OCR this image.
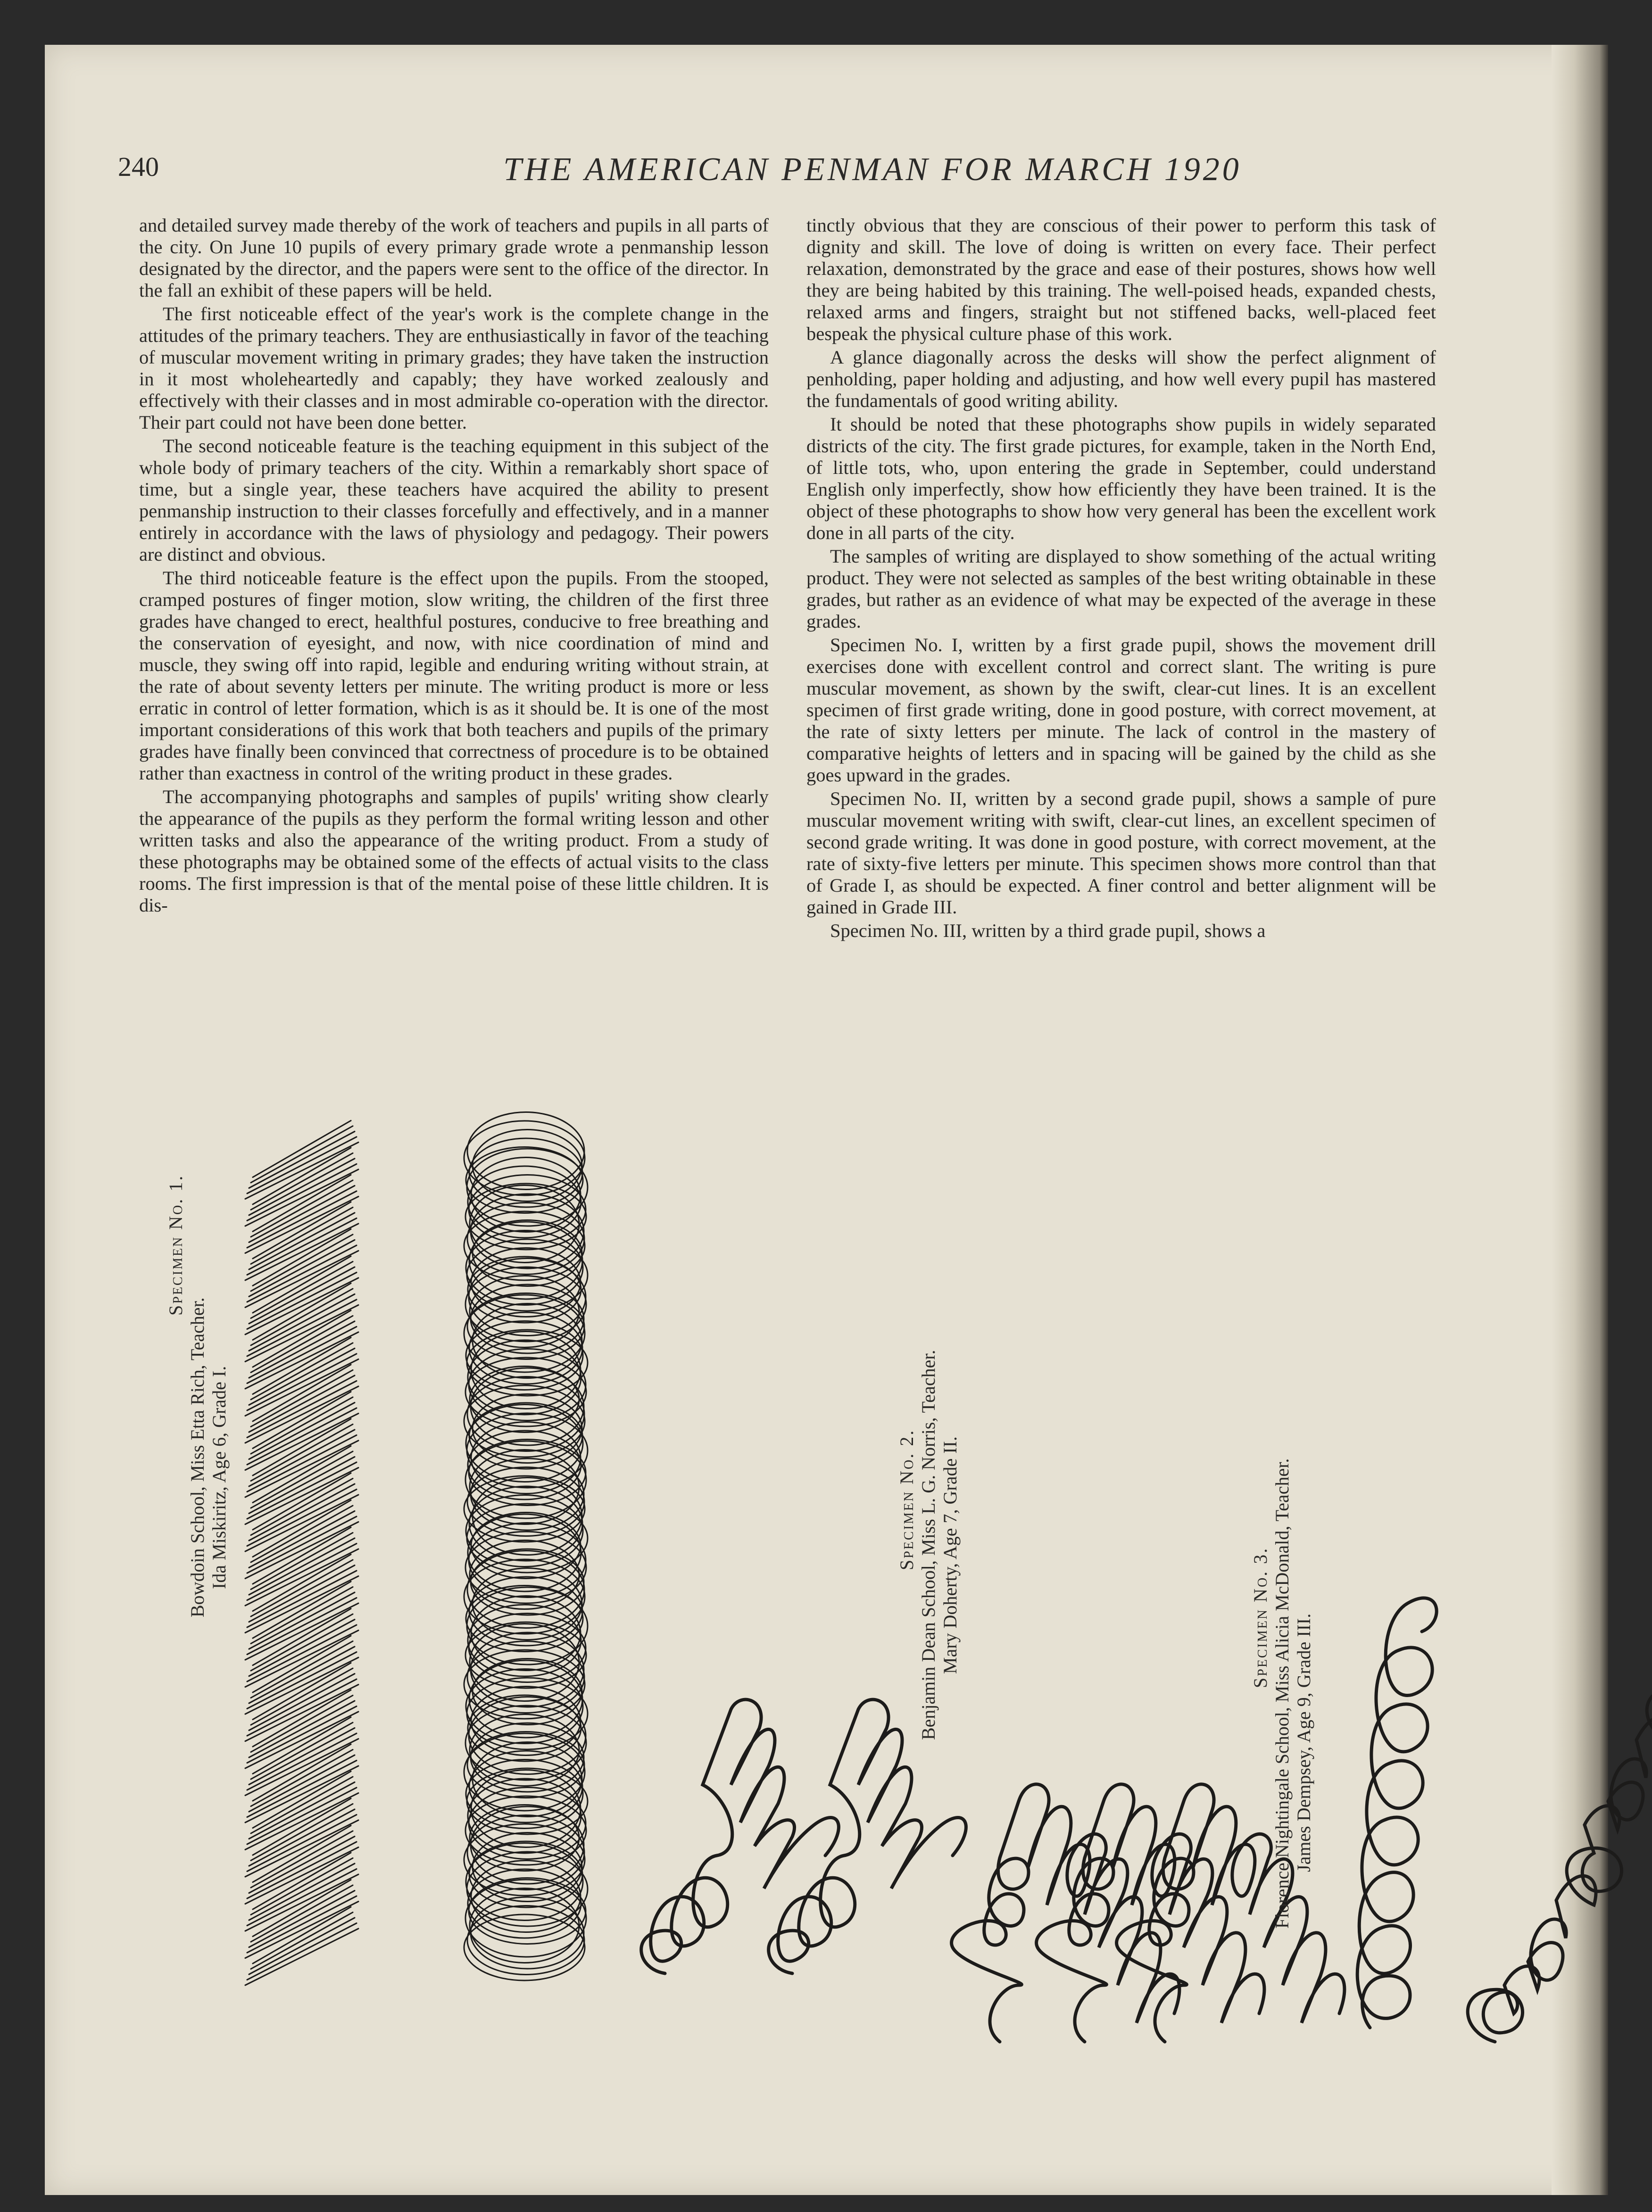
240	THE AMERICAN PENMAN FOR MARCH 1920

and detailed survey made thereby of the work of teachers and pupils in all parts of the city. On June 10 pupils of every primary grade wrote a penmanship lesson designated by the director, and the papers were sent to the office of the director. In the fall an exhibit of these papers will be held.

The first noticeable effect of the year's work is the complete change in the attitudes of the primary teachers. They are enthusiastically in favor of the teaching of muscular movement writing in primary grades; they have taken the instruction in it most wholeheartedly and capably; they have worked zealously and effectively with their classes and in most admirable co-operation with the director. Their part could not have been done better.

The second noticeable feature is the teaching equipment in this subject of the whole body of primary teachers of the city. Within a remarkably short space of time, but a single year, these teachers have acquired the ability to present penmanship instruction to their classes forcefully and effectively, and in a manner entirely in accordance with the laws of physiology and pedagogy. Their powers are distinct and obvious.

The third noticeable feature is the effect upon the pupils. From the stooped, cramped postures of finger motion, slow writing, the children of the first three grades have changed to erect, healthful postures, conducive to free breathing and the conservation of eyesight, and now, with nice coordination of mind and muscle, they swing off into rapid, legible and enduring writing without strain, at the rate of about seventy letters per minute. The writing product is more or less erratic in control of letter formation, which is as it should be. It is one of the most important considerations of this work that both teachers and pupils of the primary grades have finally been convinced that correctness of procedure is to be obtained rather than exactness in control of the writing product in these grades.

The accompanying photographs and samples of pupils' writing show clearly the appearance of the pupils as they perform the formal writing lesson and other written tasks and also the appearance of the writing product. From a study of these photographs may be obtained some of the effects of actual visits to the class rooms. The first impression is that of the mental poise of these little children. It is dis-

tinctly obvious that they are conscious of their power to perform this task of dignity and skill. The love of doing is written on every face. Their perfect relaxation, demonstrated by the grace and ease of their postures, shows how well they are being habited by this training. The well-poised heads, expanded chests, relaxed arms and fingers, straight but not stiffened backs, well-placed feet bespeak the physical culture phase of this work.

A glance diagonally across the desks will show the perfect alignment of penholding, paper holding and adjusting, and how well every pupil has mastered the fundamentals of good writing ability.

It should be noted that these photographs show pupils in widely separated districts of the city. The first grade pictures, for example, taken in the North End, of little tots, who, upon entering the grade in September, could understand English only imperfectly, show how efficiently they have been trained. It is the object of these photographs to show how very general has been the excellent work done in all parts of the city.

The samples of writing are displayed to show something of the actual writing product. They were not selected as samples of the best writing obtainable in these grades, but rather as an evidence of what may be expected of the average in these grades.

Specimen No. I, written by a first grade pupil, shows the movement drill exercises done with excellent control and correct slant. The writing is pure muscular movement, as shown by the swift, clear-cut lines. It is an excellent specimen of first grade writing, done in good posture, with correct movement, at the rate of sixty letters per minute. The lack of control in the mastery of comparative heights of letters and in spacing will be gained by the child as she goes upward in the grades.

Specimen No. II, written by a second grade pupil, shows a sample of pure muscular movement writing with swift, clear-cut lines, an excellent specimen of second grade writing. It was done in good posture, with correct movement, at the rate of sixty-five letters per minute. This specimen shows more control than that of Grade I, as should be expected. A finer control and better alignment will be gained in Grade III.

Specimen No. III, written by a third grade pupil, shows a

Specimen No. 1.
Bowdoin School, Miss Etta Rich, Teacher. Ida Miskiritz, Age 6, Grade I.	Specimen No. 2. Benjamin Dean School, Miss L. G. Norris, Teacher. Mary Doherty, Age 7, Grade II.	Specimen No. 3. Florence Nightingale School, Miss Alicia McDonald, Teacher. James Dempsey, Age 9, Grade III.
